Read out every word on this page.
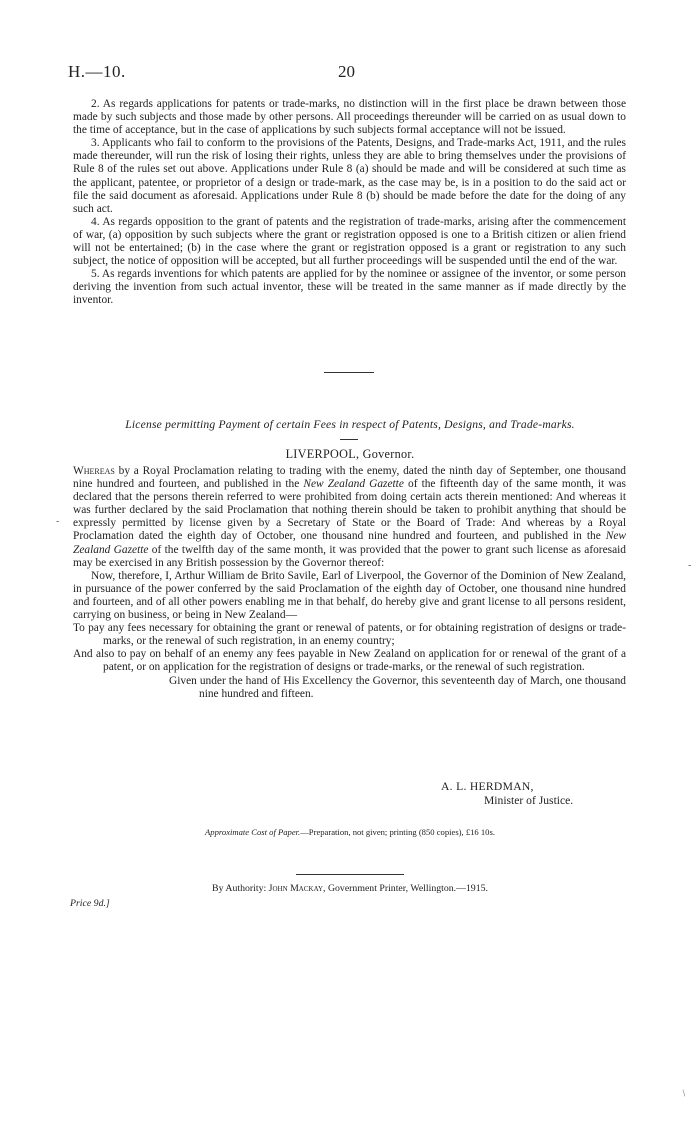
H.—10.	20

2. As regards applications for patents or trade-marks, no distinction will in the first place be drawn between those made by such subjects and those made by other persons. All proceedings thereunder will be carried on as usual down to the time of acceptance, but in the case of applications by such subjects formal acceptance will not be issued.

3. Applicants who fail to conform to the provisions of the Patents, Designs, and Trade-marks Act, 1911, and the rules made thereunder, will run the risk of losing their rights, unless they are able to bring themselves under the provisions of Rule 8 of the rules set out above. Applications under Rule 8 (a) should be made and will be considered at such time as the applicant, patentee, or proprietor of a design or trade-mark, as the case may be, is in a position to do the said act or file the said document as aforesaid. Applications under Rule 8 (b) should be made before the date for the doing of any such act.

4. As regards opposition to the grant of patents and the registration of trade-marks, arising after the commencement of war, (a) opposition by such subjects where the grant or registration opposed is one to a British citizen or alien friend will not be entertained; (b) in the case where the grant or registration opposed is a grant or registration to any such subject, the notice of opposition will be accepted, but all further proceedings will be suspended until the end of the war.

5. As regards inventions for which patents are applied for by the nominee or assignee of the inventor, or some person deriving the invention from such actual inventor, these will be treated in the same manner as if made directly by the inventor.

License permitting Payment of certain Fees in respect of Patents, Designs, and Trade-marks.
LIVERPOOL, Governor.

Whereas by a Royal Proclamation relating to trading with the enemy, dated the ninth day of September, one thousand nine hundred and fourteen, and published in the New Zealand Gazette of the fifteenth day of the same month, it was declared that the persons therein referred to were prohibited from doing certain acts therein mentioned: And whereas it was further declared by the said Proclamation that nothing therein should be taken to prohibit anything that should be expressly permitted by license given by a Secretary of State or the Board of Trade: And whereas by a Royal Proclamation dated the eighth day of October, one thousand nine hundred and fourteen, and published in the New Zealand Gazette of the twelfth day of the same month, it was provided that the power to grant such license as aforesaid may be exercised in any British possession by the Governor thereof:

Now, therefore, I, Arthur William de Brito Savile, Earl of Liverpool, the Governor of the Dominion of New Zealand, in pursuance of the power conferred by the said Proclamation of the eighth day of October, one thousand nine hundred and fourteen, and of all other powers enabling me in that behalf, do hereby give and grant license to all persons resident, carrying on business, or being in New Zealand—

To pay any fees necessary for obtaining the grant or renewal of patents, or for obtaining registration of designs or trade-marks, or the renewal of such registration, in an enemy country;

And also to pay on behalf of an enemy any fees payable in New Zealand on application for or renewal of the grant of a patent, or on application for the registration of designs or trade-marks, or the renewal of such registration.

Given under the hand of His Excellency the Governor, this seventeenth day of March, one thousand nine hundred and fifteen.

A. L. HERDMAN,
Minister of Justice.
Approximate Cost of Paper.—Preparation, not given; printing (850 copies), £16 10s.
By Authority: John Mackay, Government Printer, Wellington.—1915.
Price 9d.]
-
-
/
